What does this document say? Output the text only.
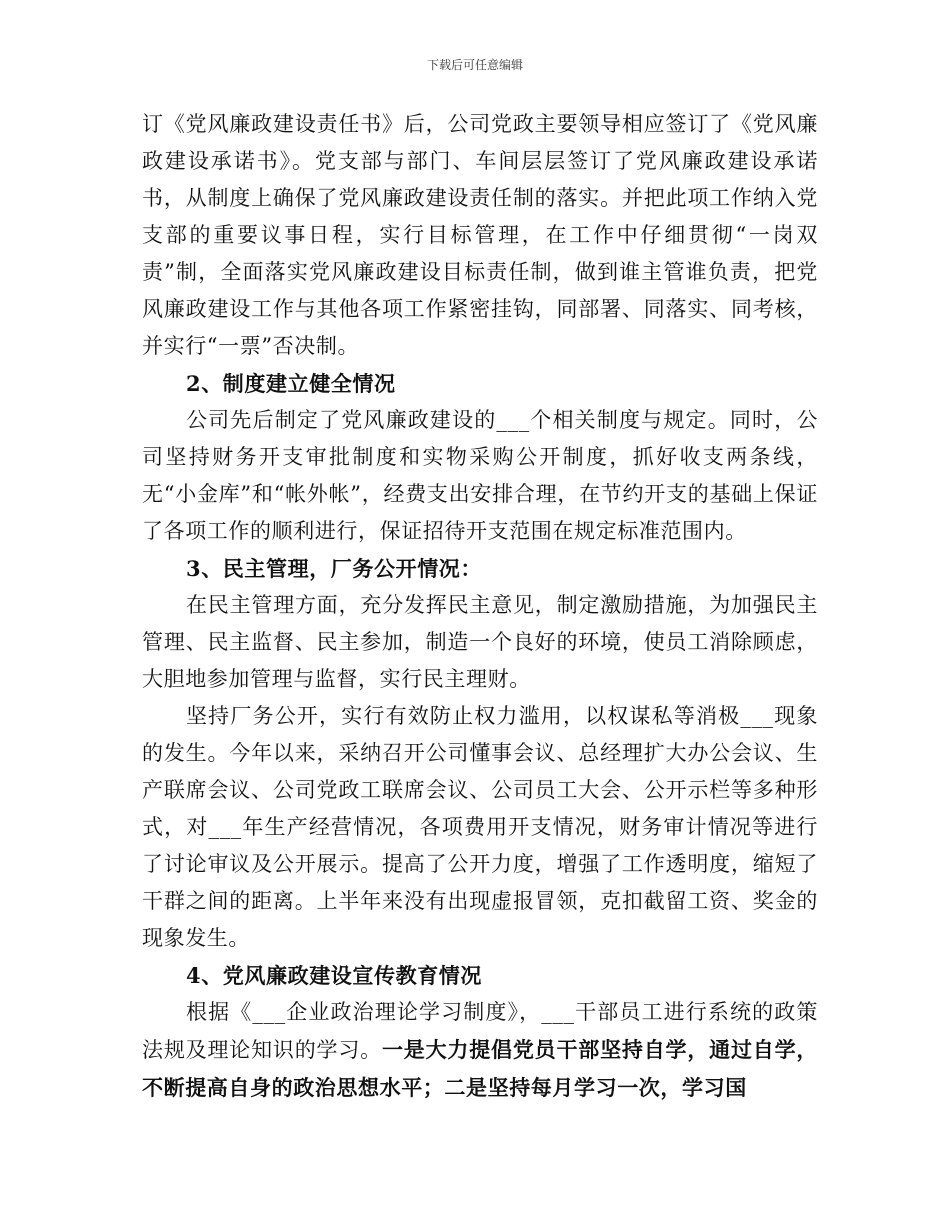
下载后可任意编辑

订《党风廉政建设责任书》后，公司党政主要领导相应签订了《党风廉政建设承诺书》。党支部与部门、车间层层签订了党风廉政建设承诺书，从制度上确保了党风廉政建设责任制的落实。并把此项工作纳入党支部的重要议事日程，实行目标管理，在工作中仔细贯彻“一岗双责”制，全面落实党风廉政建设目标责任制，做到谁主管谁负责，把党风廉政建设工作与其他各项工作紧密挂钩，同部署、同落实、同考核，并实行“一票”否决制。

2、制度建立健全情况

公司先后制定了党风廉政建设的___个相关制度与规定。同时，公司坚持财务开支审批制度和实物采购公开制度，抓好收支两条线，无“小金库”和“帐外帐”，经费支出安排合理，在节约开支的基础上保证了各项工作的顺利进行，保证招待开支范围在规定标准范围内。

3、民主管理，厂务公开情况：

在民主管理方面，充分发挥民主意见，制定激励措施，为加强民主管理、民主监督、民主参加，制造一个良好的环境，使员工消除顾虑，大胆地参加管理与监督，实行民主理财。

坚持厂务公开，实行有效防止权力滥用，以权谋私等消极___现象的发生。今年以来，采纳召开公司懂事会议、总经理扩大办公会议、生产联席会议、公司党政工联席会议、公司员工大会、公开示栏等多种形式，对___年生产经营情况，各项费用开支情况，财务审计情况等进行了讨论审议及公开展示。提高了公开力度，增强了工作透明度，缩短了干群之间的距离。上半年来没有出现虚报冒领，克扣截留工资、奖金的现象发生。

4、党风廉政建设宣传教育情况

根据《___企业政治理论学习制度》，___干部员工进行系统的政策法规及理论知识的学习。一是大力提倡党员干部坚持自学，通过自学，不断提高自身的政治思想水平；二是坚持每月学习一次，学习国
